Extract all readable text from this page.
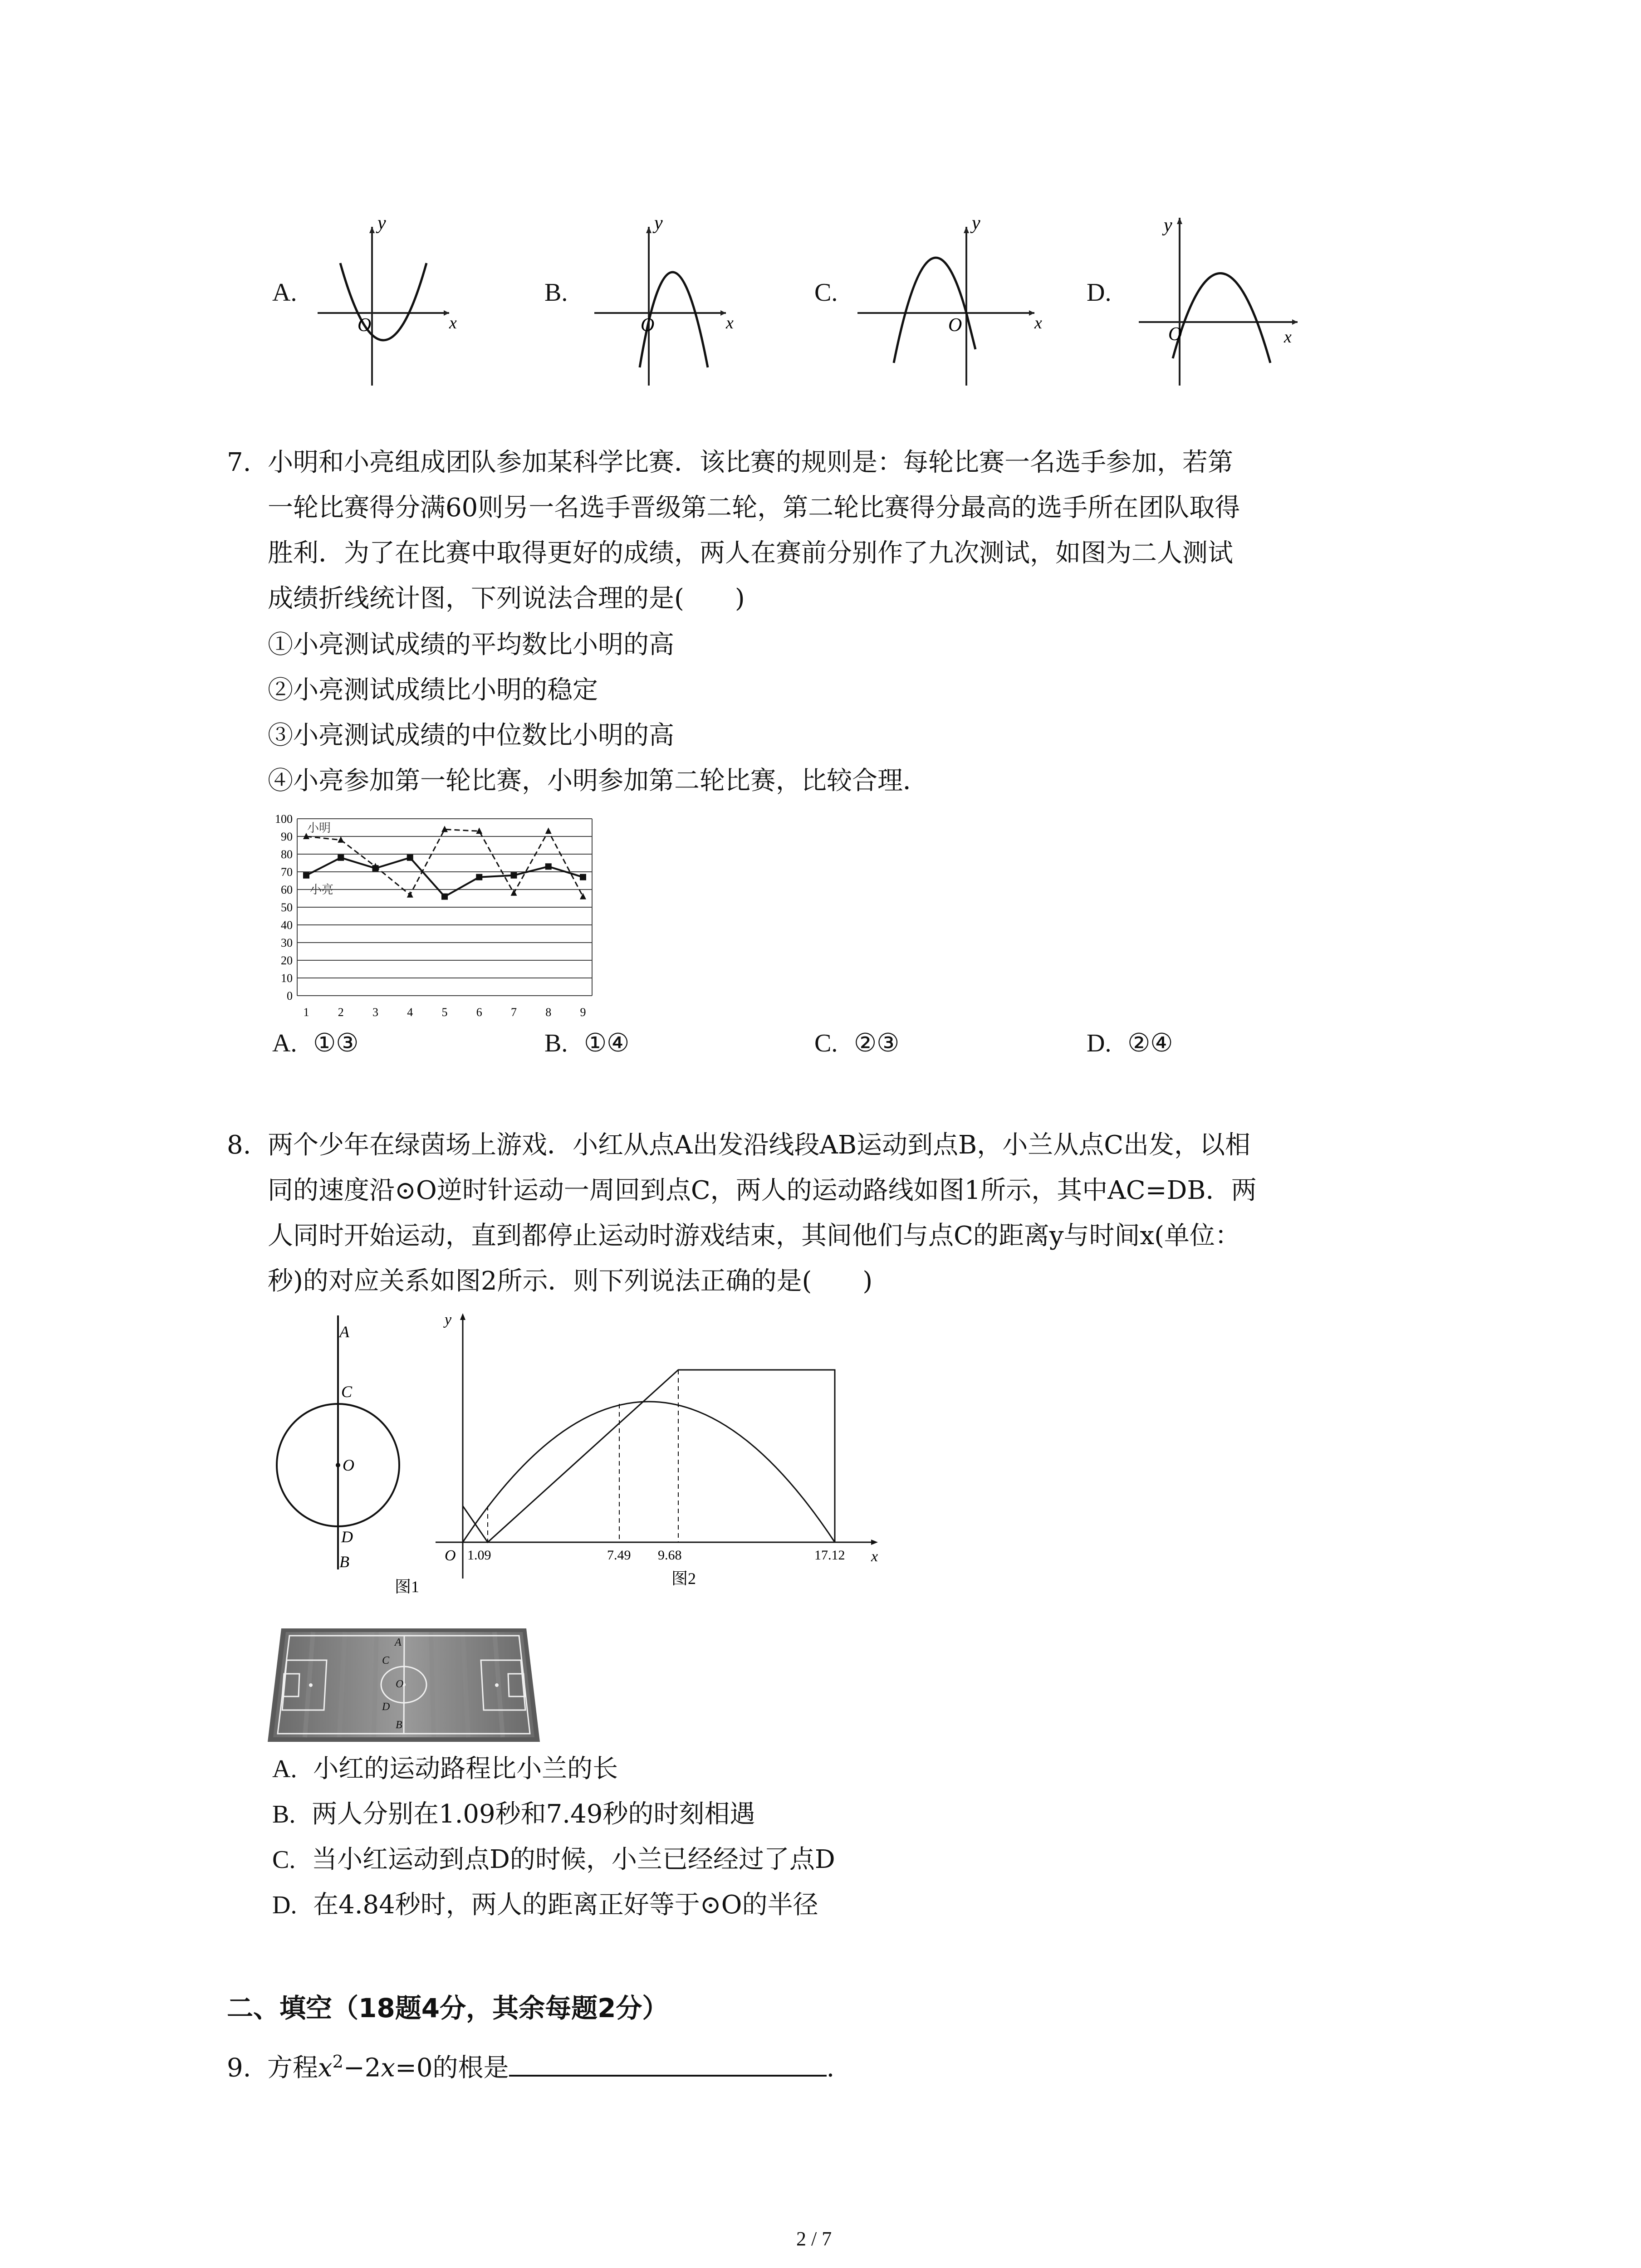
A.	B.	C.	D.
y
x
O
y
x
O
y
x
O
y
x
O
7. 小明和小亮组成团队参加某科学比赛．该比赛的规则是：每轮比赛一名选手参加，若第
一轮比赛得分满60则另一名选手晋级第二轮，第二轮比赛得分最高的选手所在团队取得
胜利．为了在比赛中取得更好的成绩，两人在赛前分别作了九次测试，如图为二人测试
成绩折线统计图，下列说法合理的是(　　)
①小亮测试成绩的平均数比小明的高
②小亮测试成绩比小明的稳定
③小亮测试成绩的中位数比小明的高
④小亮参加第一轮比赛，小明参加第二轮比赛，比较合理．
0
10
20
30
40
50
60
70
80
90
100
1 2 3 4 5 6 7 8 9
小明
小亮
A. ①③	B. ①④	C. ②③	D. ②④
8. 两个少年在绿茵场上游戏．小红从点A出发沿线段AB运动到点B，小兰从点C出发，以相
同的速度沿⊙O逆时针运动一周回到点C，两人的运动路线如图1所示，其中AC=DB．两
人同时开始运动，直到都停止运动时游戏结束，其间他们与点C的距离y与时间x(单位：
秒)的对应关系如图2所示．则下列说法正确的是(　　)
A
C
O
D
B
图1
y
x
O 1.09	7.49 9.68	17.12
图2
A
C
O
D
B
A. 小红的运动路程比小兰的长
B. 两人分别在1.09秒和7.49秒的时刻相遇
C. 当小红运动到点D的时候，小兰已经经过了点D
D. 在4.84秒时，两人的距离正好等于⊙O的半径
二、填空（18题4分，其余每题2分）
9. 方程$x^2-2x=0$的根是	.
2 / 7
